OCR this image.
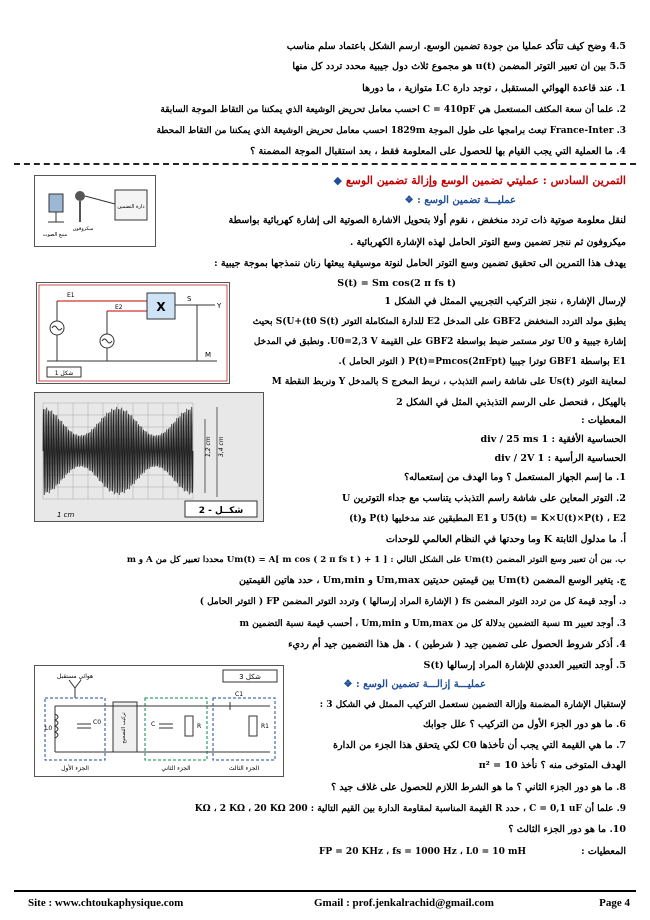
4.5 وضح كيف تتأكد عمليا من جودة تضمين الوسع. ارسم الشكل باعتماد سلم مناسب
5.5 بين ان تعبير التوتر المضمن u(t) هو مجموع ثلاث دول جيبية محدد تردد كل منها
1. عند قاعدة الهوائي المستقبل ، توجد دارة LC متوازية ، ما دورها
2. علما أن سعة المكثف المستعمل هي C = 410pF احسب معامل تحريض الوشيعة الذي يمكننا من التقاط الموجة السابقة
3. France-Inter تبعث برامجها على طول الموجة 1829m احسب معامل تحريض الوشيعة الذي يمكننا من التقاط المحطة
4. ما العملية التي يجب القيام بها للحصول على المعلومة فقط ، بعد استقبال الموجة المضمنة ؟
التمرين السادس : عمليتي تضمين الوسع وإزالة تضمين الوسع ◆
عمليـــة تضمين الوسع : ❖
دارة التضمين
منبع الصوت
ميكروفون
لنقل معلومة صوتية ذات تردد منخفض ، نقوم أولا بتحويل الاشارة الصوتية الى إشارة كهربائية بواسطة
ميكروفون ثم ننجز تضمين وسع التوتر الحامل لهذه الإشارة الكهربائية .
يهدف هذا التمرين الى تحقيق تضمين وسع التوتر الحامل لنوتة موسيقية يبعثها رنان ننمذجها بموجة جيبية :
S(t) = Sm cos(2 π fs t)
X
S
Y
M
E1
E2
شكل 1
لإرسال الإشارة ، ننجز التركيب التجريبي الممثل في الشكل 1
يطبق مولد التردد المنخفض GBF2 على المدخل E2 للدارة المتكاملة التوتر S(U+(t0 S(t) بحيث
إشارة جيبية و U0 توتر مستمر ضبط بواسطة GBF2 على القيمة U0=2,3 V. ونطبق في المدخل
E1 بواسطة GBF1 توترا جيبيا P(t)=Pmcos(2πFpt) ( التوتر الحامل ).
لمعاينة التوتر Us(t) على شاشة راسم التذبذب ، نربط المخرج S بالمدخل Y ونربط النقطة M
بالهيكل ، فنحصل على الرسم التذبذبي المثل في الشكل 2
1,2 cm 3,4 cm
1 cm	شكــل - 2
المعطيات :
الحساسية الأفقية : 1 div / 25 ms
الحساسية الرأسية : 1 div / 2V
1. ما إسم الجهاز المستعمل ؟ وما الهدف من إستعماله؟
2. التوتر المعاين على شاشة راسم التذبذب يتناسب مع جداء التوترين U
U5(t) = K×U(t)×P(t) ، E2 و E1 المطبقين عند مدخليها P(t) و(t)
أ. ما مدلول الثابتة K وما وحدتها في النظام العالمي للوحدات
ب. بين أن تعبير وسع التوتر المضمن Um(t) على الشكل التالي : Um(t) = A[ m cos ( 2 π fs t ) + 1 ] محددا تعبير كل من A و m
ج. يتغير الوسع المضمن Um(t) بين قيمتين حديتين Um,max و Um,min ، حدد هاتين القيمتين
د. أوجد قيمة كل من تردد التوتر المضمن fs ( الإشارة المراد إرسالها ) وتردد التوتر المضمن FP ( التوتر الحامل )
3. أوجد تعبير m نسبة التضمين بدلالة كل من Um,max و Um,min ، أحسب قيمة نسبة التضمين m
4. أذكر شروط الحصول على تضمين جيد ( شرطين ) . هل هذا التضمين جيد أم رديء
5. أوجد التعبير العددي للإشارة المراد إرسالها S(t)
عمليـــة إزالـــة تضمين الوسع : ❖
هوائي مستقبل	شكل 3
تركيب التصحيح
L0
C0	C	R
C1
R1
الجزء الأول	الجزء الثاني	الجزء الثالث
لإستقبال الإشارة المضمنة وإزالة التضمين نستعمل التركيب الممثل في الشكل 3 :
6. ما هو دور الجزء الأول من التركيب ؟ علل جوابك
7. ما هي القيمة التي يجب أن تأخذها C0 لكي يتحقق هذا الجزء من الدارة
الهدف المتوخى منه ؟ نأخذ 10 = π²
8. ما هو دور الجزء الثاني ؟ ما هو الشرط اللازم للحصول على غلاف جيد ؟
9. علما أن C = 0,1 uF ، حدد R القيمة المناسبة لمقاومة الدارة بين القيم التالية : 200 KΩ ، 2 KΩ ، 20 KΩ
10. ما هو دور الجزء الثالث ؟
المعطيات :
FP = 20 KHz ، fs = 1000 Hz ، L0 = 10 mH
Site : www.chtoukaphysique.com	Gmail : prof.jenkalrachid@gmail.com	Page 4
